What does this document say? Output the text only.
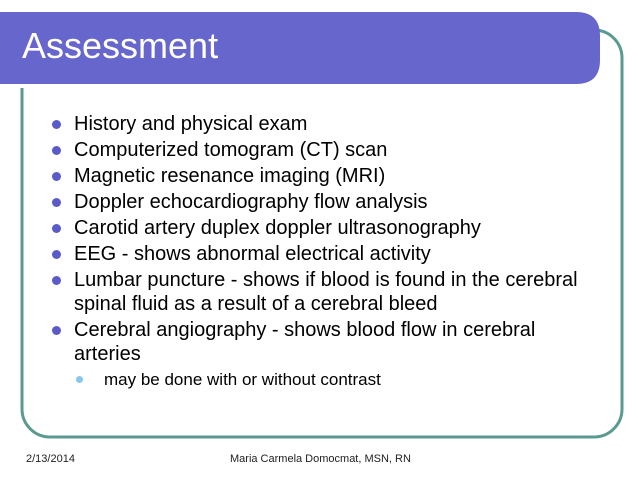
Assessment
History and physical exam
Computerized tomogram (CT) scan
Magnetic resenance imaging (MRI)
Doppler echocardiography flow analysis
Carotid artery duplex doppler ultrasonography
EEG - shows abnormal electrical activity
Lumbar puncture - shows if blood is found in the cerebral spinal fluid as a result of a cerebral bleed
Cerebral angiography - shows blood flow in cerebral arteries
may be done with or without contrast
2/13/2014	Maria Carmela Domocmat, MSN, RN
